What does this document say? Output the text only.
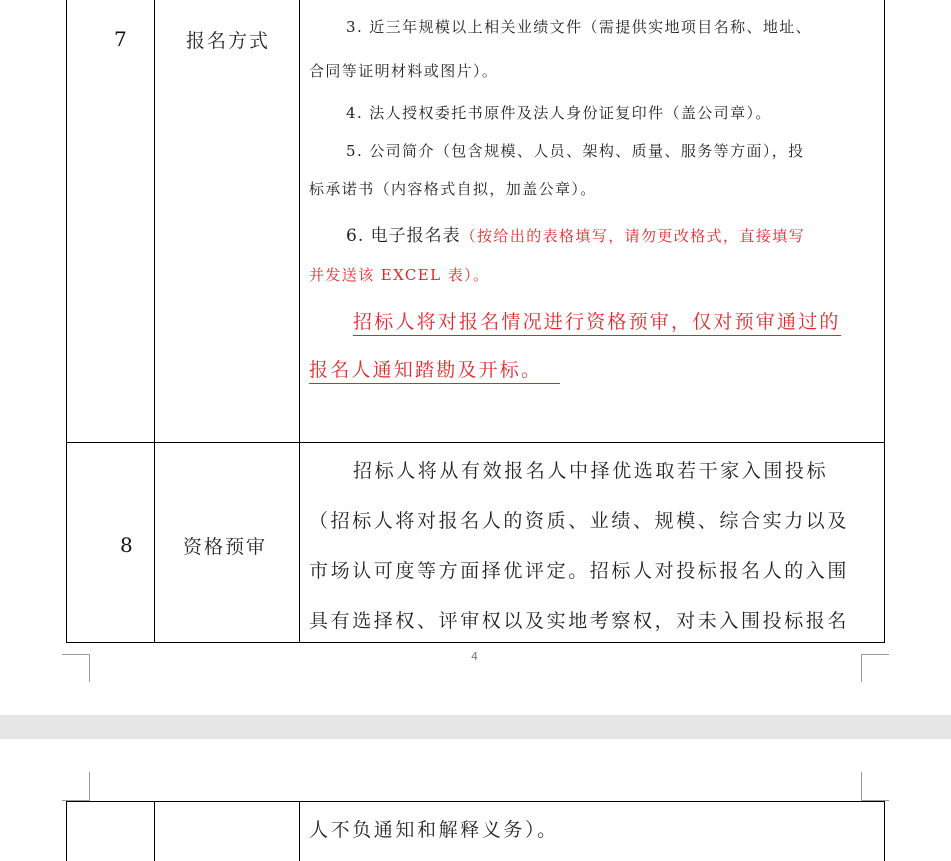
7	报名方式
3. 近三年规模以上相关业绩文件（需提供实地项目名称、地址、
合同等证明材料或图片）。
4. 法人授权委托书原件及法人身份证复印件（盖公司章）。
5. 公司简介（包含规模、人员、架构、质量、服务等方面），投
标承诺书（内容格式自拟，加盖公章）。
6. 电子报名表（按给出的表格填写，请勿更改格式，直接填写
并发送该 EXCEL 表）。
招标人将对报名情况进行资格预审，仅对预审通过的
报名人通知踏勘及开标。
8	资格预审
招标人将从有效报名人中择优选取若干家入围投标
（招标人将对报名人的资质、业绩、规模、综合实力以及
市场认可度等方面择优评定。招标人对投标报名人的入围
具有选择权、评审权以及实地考察权，对未入围投标报名
4
人不负通知和解释义务）。
